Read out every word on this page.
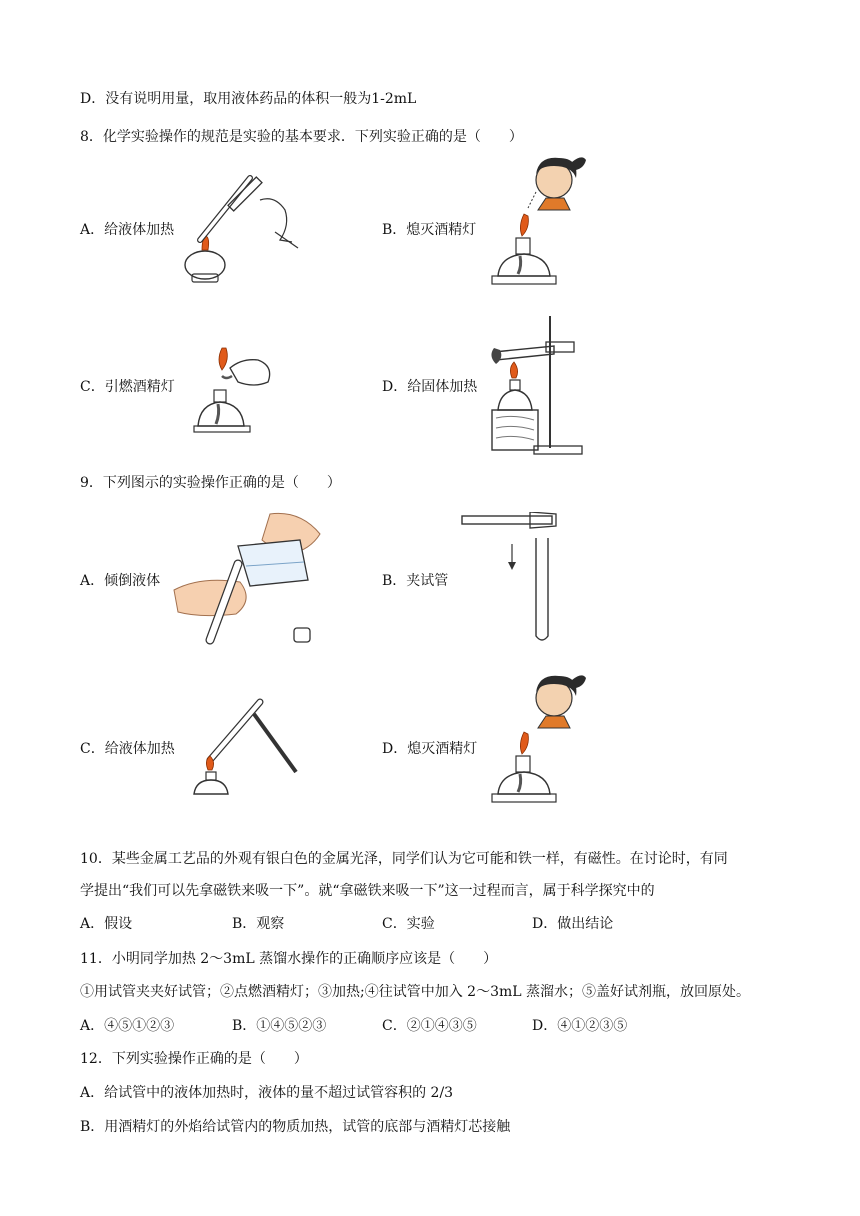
D．没有说明用量，取用液体药品的体积一般为1-2mL
8．化学实验操作的规范是实验的基本要求．下列实验正确的是（　　）
A．给液体加热	B．熄灭酒精灯
C．引燃酒精灯	D．给固体加热
9．下列图示的实验操作正确的是（　　）
A．倾倒液体	B．夹试管
C．给液体加热	D．熄灭酒精灯
10．某些金属工艺品的外观有银白色的金属光泽，同学们认为它可能和铁一样，有磁性。在讨论时，有同
学提出“我们可以先拿磁铁来吸一下”。就“拿磁铁来吸一下”这一过程而言，属于科学探究中的
A．假设	B．观察	C．实验	D．做出结论
11．小明同学加热 2～3mL 蒸馏水操作的正确顺序应该是（　　）
①用试管夹夹好试管；②点燃酒精灯；③加热;④往试管中加入 2～3mL 蒸溜水；⑤盖好试剂瓶，放回原处。
A．④⑤①②③	B．①④⑤②③	C．②①④③⑤	D．④①②③⑤
12．下列实验操作正确的是（　　）
A．给试管中的液体加热时，液体的量不超过试管容积的 2/3
B．用酒精灯的外焰给试管内的物质加热，试管的底部与酒精灯芯接触
